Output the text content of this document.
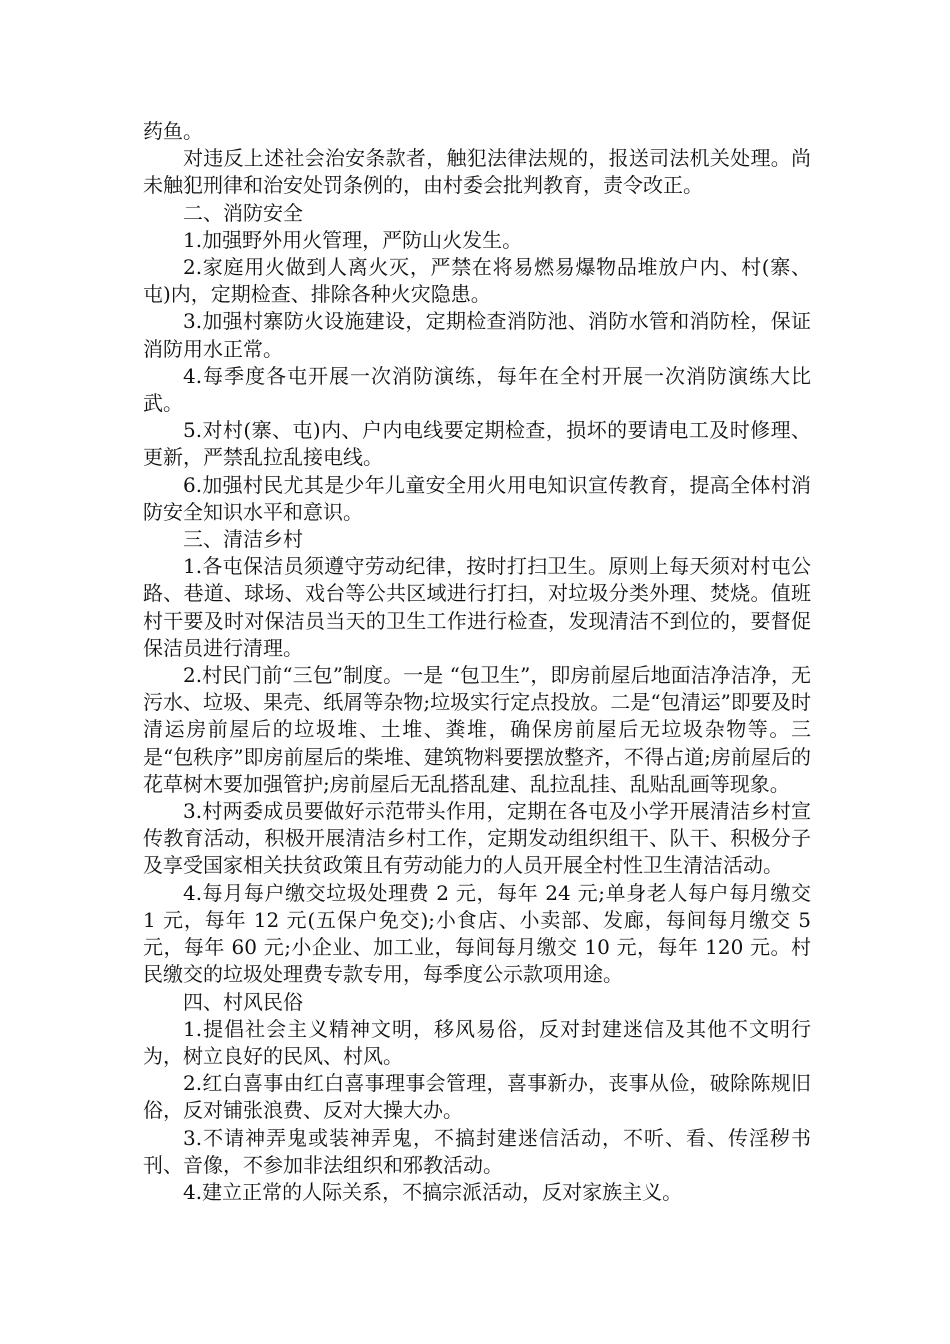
药鱼。

对违反上述社会治安条款者，触犯法律法规的，报送司法机关处理。尚未触犯刑律和治安处罚条例的，由村委会批判教育，责令改正。

二、消防安全

1.加强野外用火管理，严防山火发生。

2.家庭用火做到人离火灭，严禁在将易燃易爆物品堆放户内、村(寨、屯)内，定期检查、排除各种火灾隐患。

3.加强村寨防火设施建设，定期检查消防池、消防水管和消防栓，保证消防用水正常。

4.每季度各屯开展一次消防演练，每年在全村开展一次消防演练大比武。

5.对村(寨、屯)内、户内电线要定期检查，损坏的要请电工及时修理、更新，严禁乱拉乱接电线。

6.加强村民尤其是少年儿童安全用火用电知识宣传教育，提高全体村消防安全知识水平和意识。

三、清洁乡村

1.各屯保洁员须遵守劳动纪律，按时打扫卫生。原则上每天须对村屯公路、巷道、球场、戏台等公共区域进行打扫，对垃圾分类外理、焚烧。值班村干要及时对保洁员当天的卫生工作进行检查，发现清洁不到位的，要督促保洁员进行清理。

2.村民门前“三包”制度。一是 “包卫生”，即房前屋后地面洁净洁净，无污水、垃圾、果壳、纸屑等杂物;垃圾实行定点投放。二是“包清运”即要及时清运房前屋后的垃圾堆、土堆、粪堆，确保房前屋后无垃圾杂物等。三是“包秩序”即房前屋后的柴堆、建筑物料要摆放整齐，不得占道;房前屋后的花草树木要加强管护;房前屋后无乱搭乱建、乱拉乱挂、乱贴乱画等现象。

3.村两委成员要做好示范带头作用，定期在各屯及小学开展清洁乡村宣传教育活动，积极开展清洁乡村工作，定期发动组织组干、队干、积极分子及享受国家相关扶贫政策且有劳动能力的人员开展全村性卫生清洁活动。

4.每月每户缴交垃圾处理费 2 元，每年 24 元;单身老人每户每月缴交 1 元，每年 12 元(五保户免交);小食店、小卖部、发廊，每间每月缴交 5 元，每年 60 元;小企业、加工业，每间每月缴交 10 元，每年 120 元。村民缴交的垃圾处理费专款专用，每季度公示款项用途。

四、村风民俗

1.提倡社会主义精神文明，移风易俗，反对封建迷信及其他不文明行为，树立良好的民风、村风。

2.红白喜事由红白喜事理事会管理，喜事新办，丧事从俭，破除陈规旧俗，反对铺张浪费、反对大操大办。

3.不请神弄鬼或装神弄鬼，不搞封建迷信活动，不听、看、传淫秽书刊、音像，不参加非法组织和邪教活动。

4.建立正常的人际关系，不搞宗派活动，反对家族主义。
